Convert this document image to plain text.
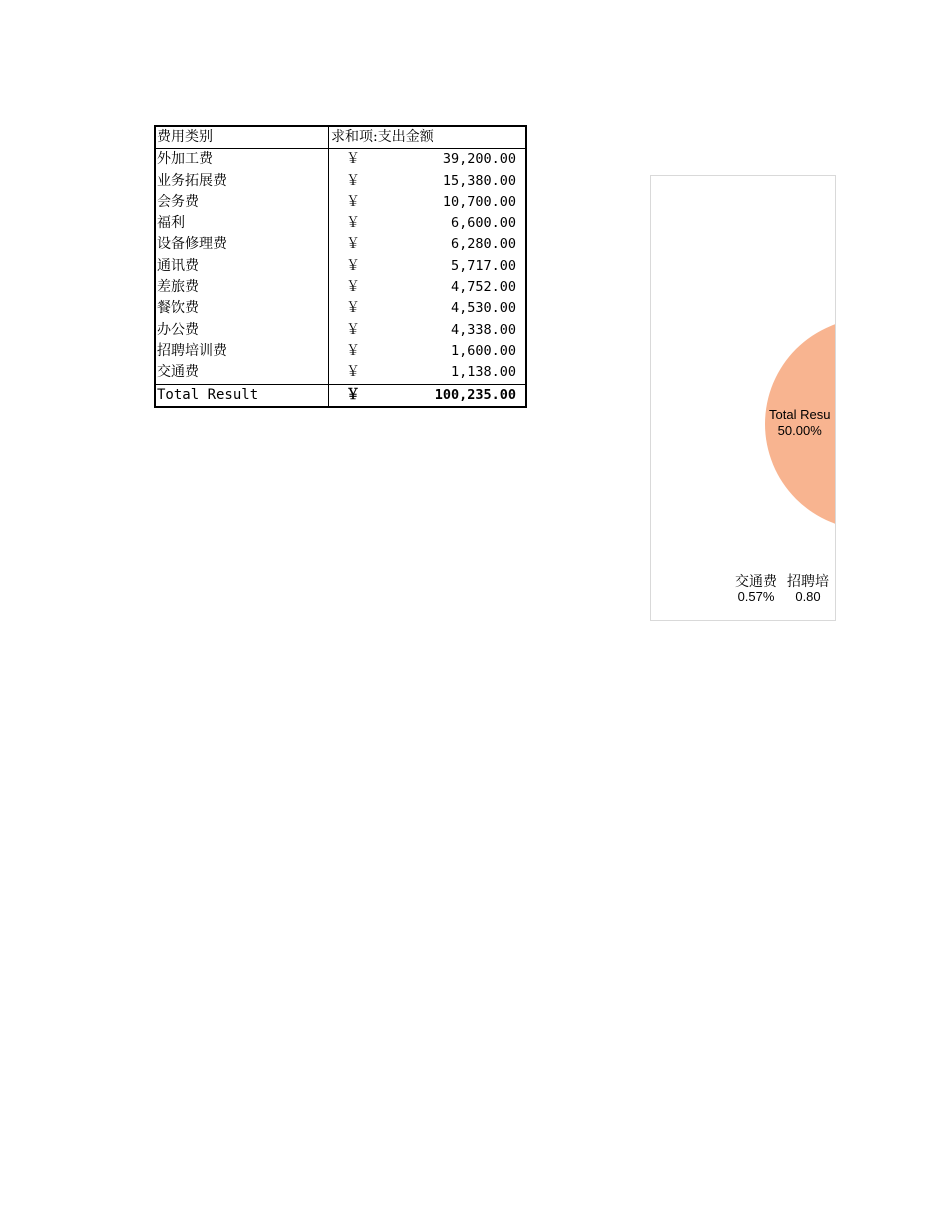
费用类别	求和项:支出金额
外加工费	￥	39,200.00
业务拓展费	￥	15,380.00
会务费	￥	10,700.00
福利	￥	6,600.00
设备修理费	￥	6,280.00
通讯费	￥	5,717.00
差旅费	￥	4,752.00
餐饮费	￥	4,530.00
办公费	￥	4,338.00
招聘培训费	￥	1,600.00
交通费	￥	1,138.00
Total Result	￥	100,235.00
Total Resu
50.00%
交通费
0.57%
招聘培
0.80
